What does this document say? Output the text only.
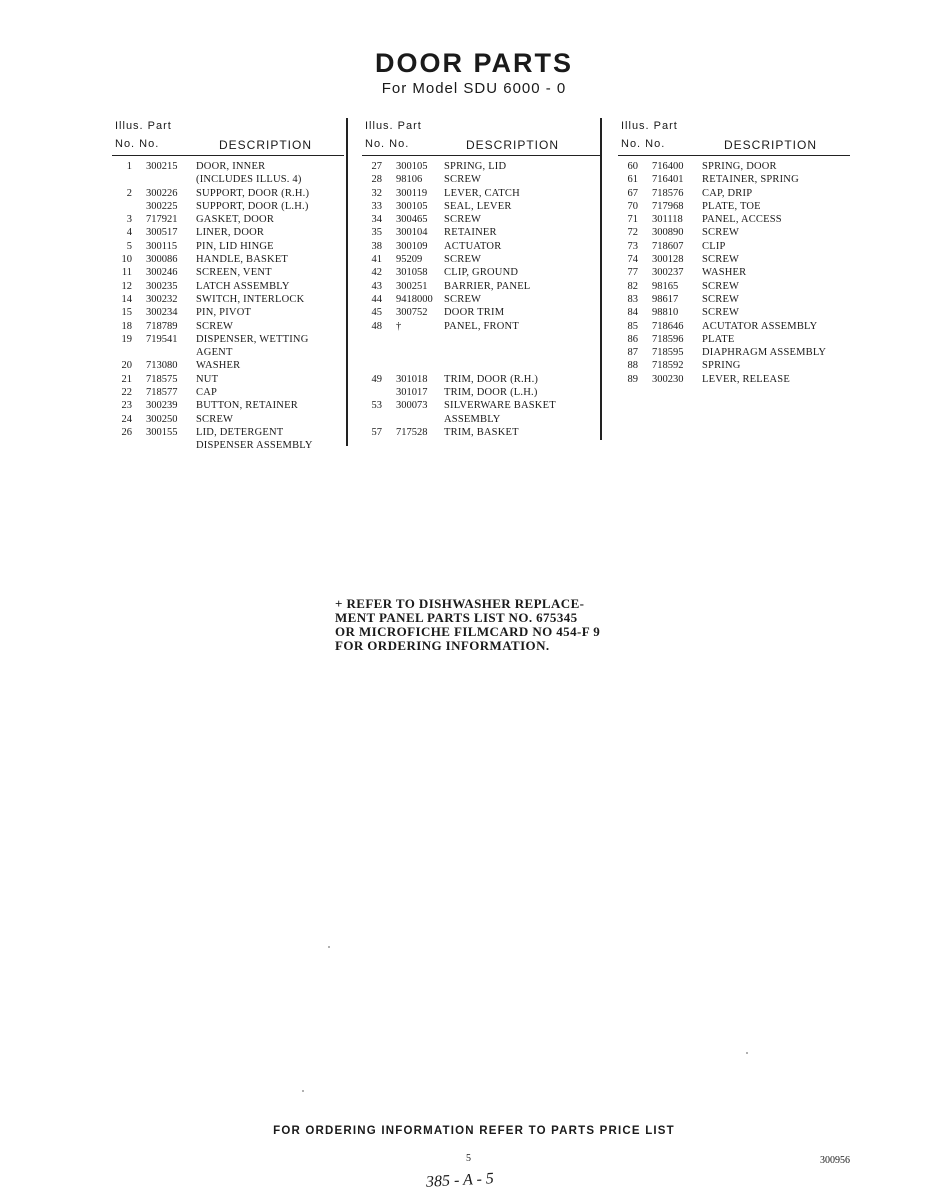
DOOR PARTS
For Model SDU 6000 - 0
Illus. Part
No. No.	DESCRIPTION
1 300215 DOOR, INNER
(INCLUDES ILLUS. 4)
2 300226 SUPPORT, DOOR (R.H.)
300225 SUPPORT, DOOR (L.H.)
3 717921 GASKET, DOOR
4 300517 LINER, DOOR
5 300115 PIN, LID HINGE
10 300086 HANDLE, BASKET
11 300246 SCREEN, VENT
12 300235 LATCH ASSEMBLY
14 300232 SWITCH, INTERLOCK
15 300234 PIN, PIVOT
18 718789 SCREW
19 719541 DISPENSER, WETTING
AGENT
20 713080 WASHER
21 718575 NUT
22 718577 CAP
23 300239 BUTTON, RETAINER
24 300250 SCREW
26 300155 LID, DETERGENT
DISPENSER ASSEMBLY
Illus. Part
No. No.	DESCRIPTION
27 300105 SPRING, LID
28 98106 SCREW
32 300119 LEVER, CATCH
33 300105 SEAL, LEVER
34 300465 SCREW
35 300104 RETAINER
38 300109 ACTUATOR
41 95209 SCREW
42 301058 CLIP, GROUND
43 300251 BARRIER, PANEL
44 9418000 SCREW
45 300752 DOOR TRIM
48 †	PANEL, FRONT
49 301018 TRIM, DOOR (R.H.)
301017 TRIM, DOOR (L.H.)
53 300073 SILVERWARE BASKET
ASSEMBLY
57 717528 TRIM, BASKET
Illus. Part
No. No.	DESCRIPTION
60 716400 SPRING, DOOR
61 716401 RETAINER, SPRING
67 718576 CAP, DRIP
70 717968 PLATE, TOE
71 301118 PANEL, ACCESS
72 300890 SCREW
73 718607 CLIP
74 300128 SCREW
77 300237 WASHER
82 98165 SCREW
83 98617 SCREW
84 98810 SCREW
85 718646 ACUTATOR ASSEMBLY
86 718596 PLATE
87 718595 DIAPHRAGM ASSEMBLY
88 718592 SPRING
89 300230 LEVER, RELEASE
+ REFER TO DISHWASHER REPLACE-
MENT PANEL PARTS LIST NO. 675345
OR MICROFICHE FILMCARD NO 454-F 9
FOR ORDERING INFORMATION.
FOR ORDERING INFORMATION REFER TO PARTS PRICE LIST
5	300956
385 - A - 5
